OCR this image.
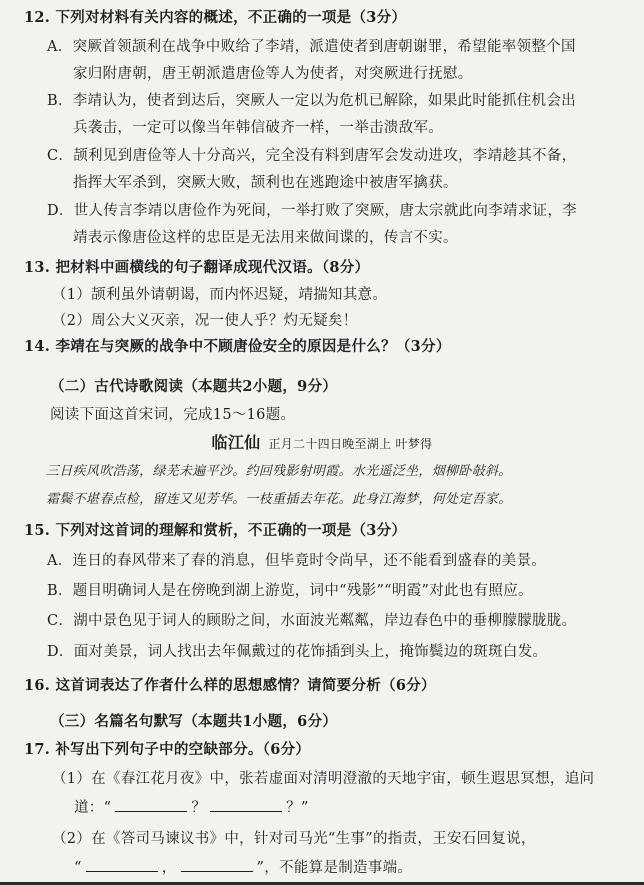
12. 下列对材料有关内容的概述，不正确的一项是（3分）
A．突厥首领颉利在战争中败给了李靖，派遣使者到唐朝谢罪，希望能率领整个国
家归附唐朝，唐王朝派遣唐俭等人为使者，对突厥进行抚慰。
B．李靖认为，使者到达后，突厥人一定以为危机已解除，如果此时能抓住机会出
兵袭击，一定可以像当年韩信破齐一样，一举击溃敌军。
C．颉利见到唐俭等人十分高兴，完全没有料到唐军会发动进攻，李靖趁其不备，
指挥大军杀到，突厥大败，颉利也在逃跑途中被唐军擒获。
D．世人传言李靖以唐俭作为死间，一举打败了突厥，唐太宗就此向李靖求证，李
靖表示像唐俭这样的忠臣是无法用来做间谍的，传言不实。
13. 把材料中画横线的句子翻译成现代汉语。（8分）
（1）颉利虽外请朝谒，而内怀迟疑，靖揣知其意。
（2）周公大义灭亲，况一使人乎？灼无疑矣！
14. 李靖在与突厥的战争中不顾唐俭安全的原因是什么？（3分）
（二）古代诗歌阅读（本题共2小题，9分）
阅读下面这首宋词，完成15～16题。
临江仙 正月二十四日晚至湖上 叶梦得
三日疾风吹浩荡，绿芜未遍平沙。约回残影射明霞。水光遥泛坐，烟柳卧敧斜。
霜鬓不堪春点检，留连又见芳华。一枝重插去年花。此身江海梦，何处定吾家。
15. 下列对这首词的理解和赏析，不正确的一项是（3分）
A．连日的春风带来了春的消息，但毕竟时令尚早，还不能看到盛春的美景。
B．题目明确词人是在傍晚到湖上游览，词中“残影”“明霞”对此也有照应。
C．湖中景色见于词人的顾盼之间，水面波光粼粼，岸边春色中的垂柳朦朦胧胧。
D．面对美景，词人找出去年佩戴过的花饰插到头上，掩饰鬓边的斑斑白发。
16. 这首词表达了作者什么样的思想感情？请简要分析（6分）
（三）名篇名句默写（本题共1小题，6分）
17. 补写出下列句子中的空缺部分。（6分）
（1）在《春江花月夜》中，张若虚面对清明澄澈的天地宇宙，顿生遐思冥想，追问
道：“	？	？”
（2）在《答司马谏议书》中，针对司马光“生事”的指责，王安石回复说，
“	，	”，不能算是制造事端。
